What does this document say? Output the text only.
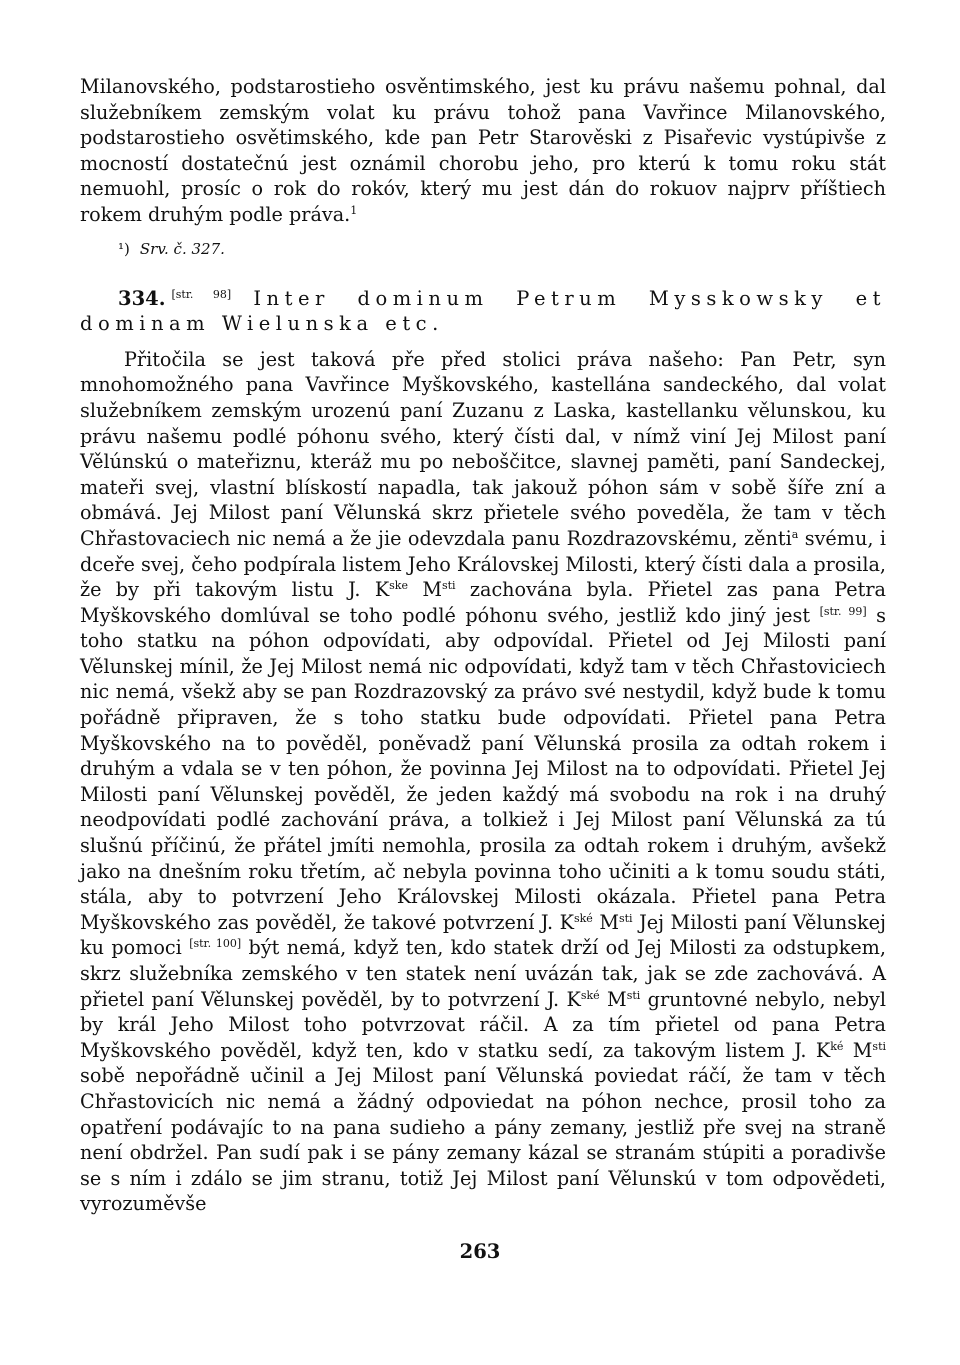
Milanovského, podstarostieho osvěntimského, jest ku právu našemu pohnal, dal služebníkem zemským volat ku právu tohož pana Vavřince Milanovského, podstarostieho osvětimského, kde pan Petr Starověski z Pisařevic vystúpivše z mocností dostatečnú jest oznámil chorobu jeho, pro kterú k tomu roku stát nemuohl, prosíc o rok do rokóv, který mu jest dán do rokuov najprv příštiech rokem druhým podle práva.$^1$

¹) Srv. č. 327.
334. [str. 98] Inter dominum Petrum Mysskowsky et dominam Wielunska etc.

Přitočila se jest taková pře před stolici práva našeho: Pan Petr, syn mnohomožného pana Vavřince Myškovského, kastellána sandeckého, dal volat služebníkem zemským urozenú paní Zuzanu z Laska, kastellanku vělunskou, ku právu našemu podlé póhonu svého, který čísti dal, v nímž viní Jej Milost paní Vělúnskú o mateřiznu, kteráž mu po neboščitce, slavnej paměti, paní Sandeckej, mateři svej, vlastní blískostí napadla, tak jakouž póhon sám v sobě šíře zní a obmává. Jej Milost paní Vělunská skrz přietele svého poveděla, že tam v těch Chřastovaciech nic nemá a že jie odevzdala panu Rozdrazovskému, zěnti$^a$ svému, i dceře svej, čeho podpírala listem Jeho Královskej Milosti, který čísti dala a prosila, že by při takovým listu J. $K^{ske}$ $M^{sti}$ zachována byla. Přietel zas pana Petra Myškovského domlúval se toho podlé póhonu svého, jestliž kdo jiný jest [str. 99] s toho statku na póhon odpovídati, aby odpovídal. Přietel od Jej Milosti paní Vělunskej mínil, že Jej Milost nemá nic odpovídati, když tam v těch Chřastoviciech nic nemá, všekž aby se pan Rozdrazovský za právo své nestydil, když bude k tomu pořádně připraven, že s toho statku bude odpovídati. Přietel pana Petra Myškovského na to pověděl, poněvadž paní Vělunská prosila za odtah rokem i druhým a vdala se v ten póhon, že povinna Jej Milost na to odpovídati. Přietel Jej Milosti paní Vělunskej pověděl, že jeden každý má svobodu na rok i na druhý neodpovídati podlé zachování práva, a tolkiež i Jej Milost paní Vělunská za tú slušnú příčinú, že přátel jmíti nemohla, prosila za odtah rokem i druhým, avšekž jako na dnešním roku třetím, ač nebyla povinna toho učiniti a k tomu soudu státi, stála, aby to potvrzení Jeho Královskej Milosti okázala. Přietel pana Petra Myškovského zas pověděl, že takové potvrzení J. $K^{ské}$ $M^{sti}$ Jej Milosti paní Vělunskej ku pomoci [str. 100] být nemá, když ten, kdo statek drží od Jej Milosti za odstupkem, skrz služebníka zemského v ten statek není uvázán tak, jak se zde zachovává. A přietel paní Vělunskej pověděl, by to potvrzení J. $K^{ské}$ $M^{sti}$ gruntovné nebylo, nebyl by král Jeho Milost toho potvrzovat ráčil. A za tím přietel od pana Petra Myškovského pověděl, když ten, kdo v statku sedí, za takovým listem J. $K^{ké}$ $M^{sti}$ sobě nepořádně učinil a Jej Milost paní Vělunská poviedat ráčí, že tam v těch Chřastovicích nic nemá a žádný odpoviedat na póhon nechce, prosil toho za opatření podávajíc to na pana sudieho a pány zemany, jestliž pře svej na straně není obdržel. Pan sudí pak i se pány zemany kázal se stranám stúpiti a poradivše se s ním i zdálo se jim stranu, totiž Jej Milost paní Vělunskú v tom odpovědeti, vyrozuměvše

263
